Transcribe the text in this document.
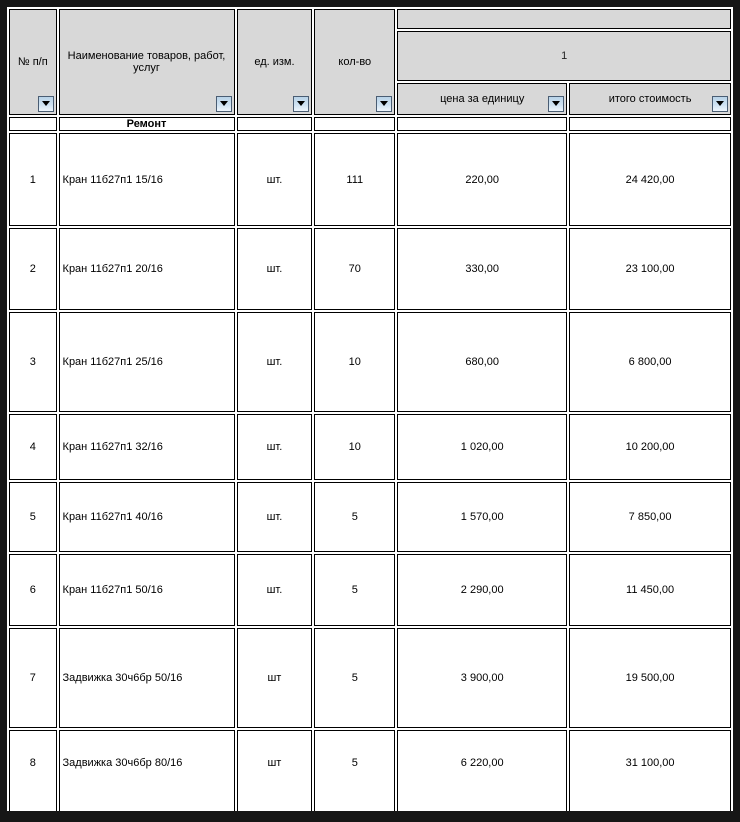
№ п/п	Наименование товаров, работ, услуг	ед. изм.	кол-во	

				1	
				цена за единицу	итого стоимость

	Ремонт				
1	Кран 11б27п1 15/16	шт.	111	220,00	24 420,00
2	Кран 11б27п1 20/16	шт.	70	330,00	23 100,00
3	Кран 11б27п1 25/16	шт.	10	680,00	6 800,00
4	Кран 11б27п1 32/16	шт.	10	1 020,00	10 200,00
5	Кран 11б27п1 40/16	шт.	5	1 570,00	7 850,00
6	Кран 11б27п1 50/16	шт.	5	2 290,00	11 450,00
7	Задвижка 30ч6бр 50/16	шт	5	3 900,00	19 500,00
8	Задвижка 30ч6бр 80/16	шт	5	6 220,00	31 100,00
